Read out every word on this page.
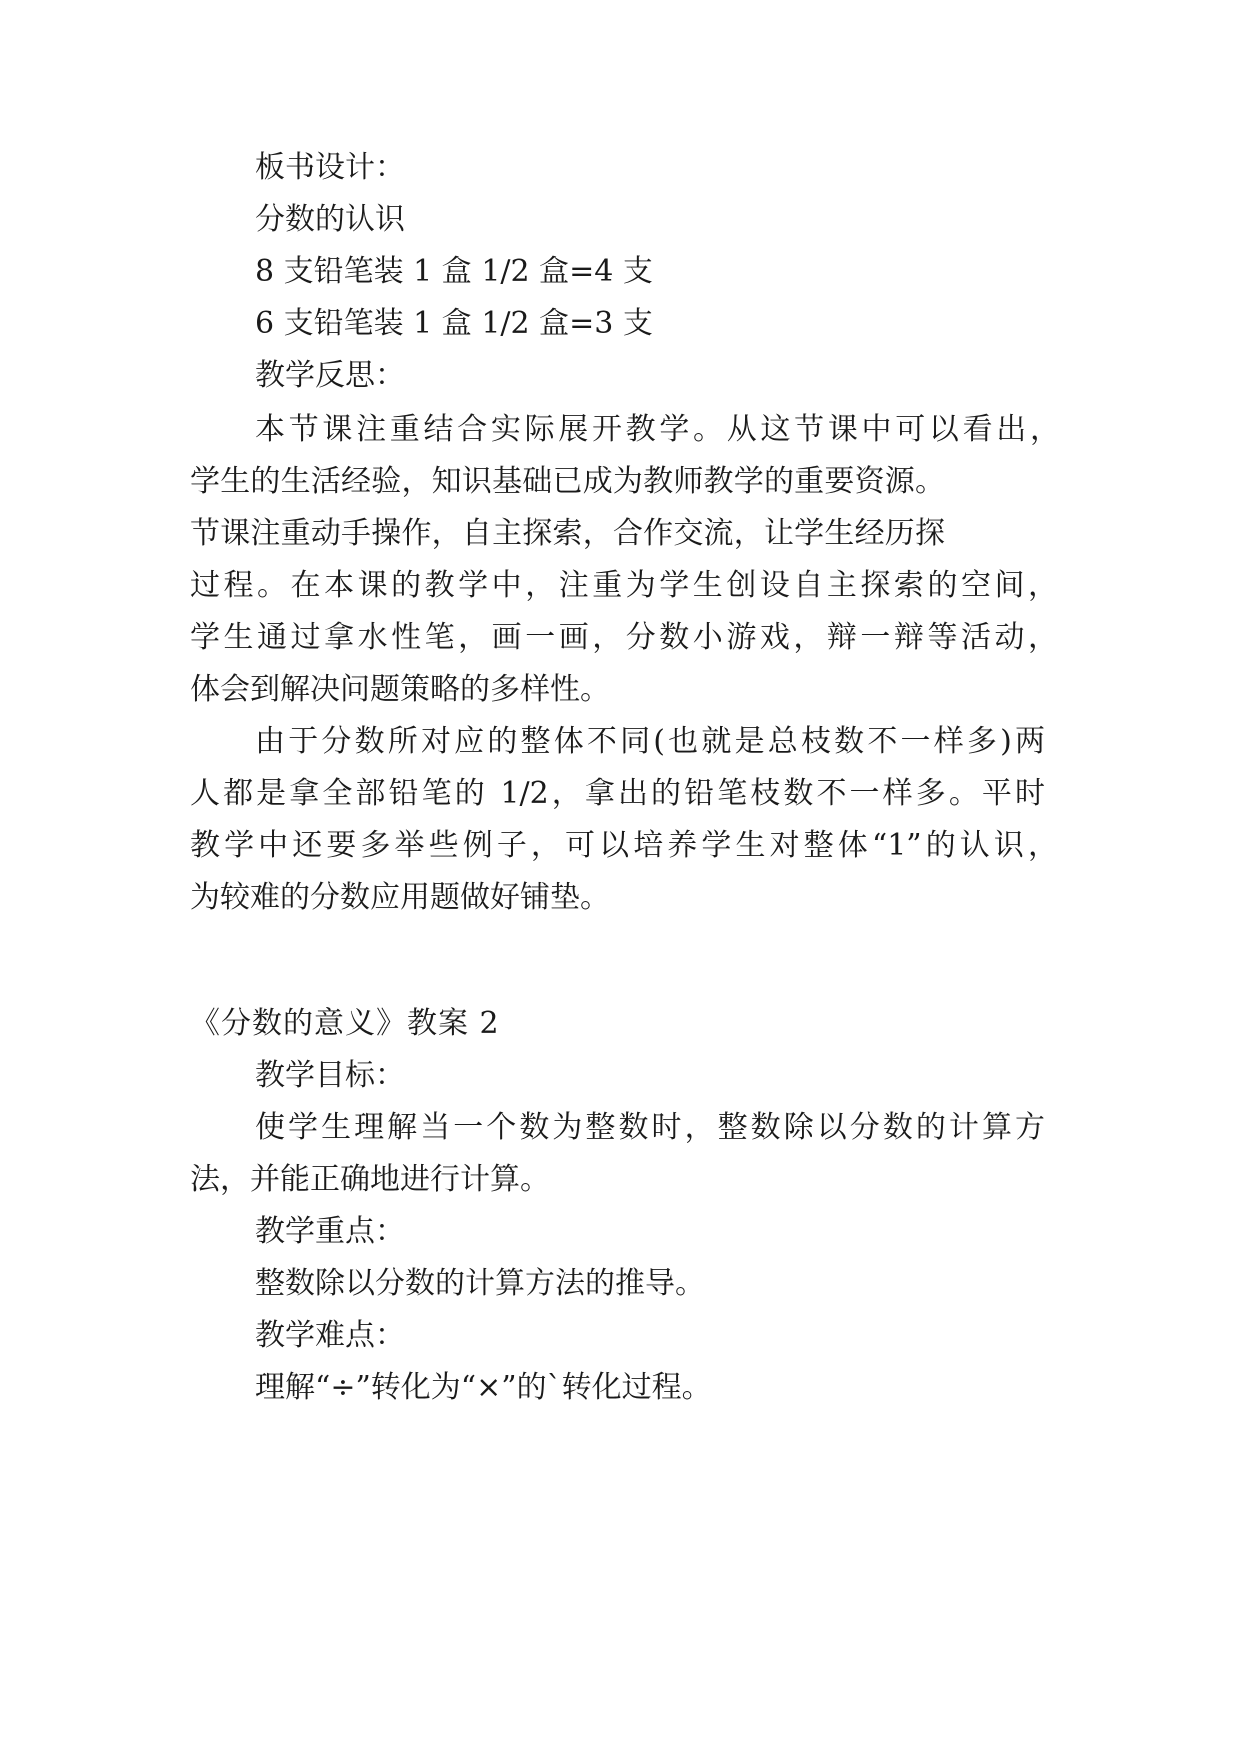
板书设计：
分数的认识
8 支铅笔装 1 盒 1/2 盒=4 支
6 支铅笔装 1 盒 1/2 盒=3 支
教学反思：
本节课注重结合实际展开教学。从这节课中可以看出，
学生的生活经验，知识基础已成为教师教学的重要资源。
节课注重动手操作，自主探索，合作交流，让学生经历探
过程。在本课的教学中，注重为学生创设自主探索的空间，
学生通过拿水性笔，画一画，分数小游戏，辩一辩等活动，
体会到解决问题策略的多样性。
由于分数所对应的整体不同(也就是总枝数不一样多)两
人都是拿全部铅笔的 1/2，拿出的铅笔枝数不一样多。平时
教学中还要多举些例子，可以培养学生对整体“1”的认识，
为较难的分数应用题做好铺垫。
《分数的意义》教案 2
教学目标：
使学生理解当一个数为整数时，整数除以分数的计算方
法，并能正确地进行计算。
教学重点：
整数除以分数的计算方法的推导。
教学难点：
理解“÷”转化为“×”的`转化过程。
